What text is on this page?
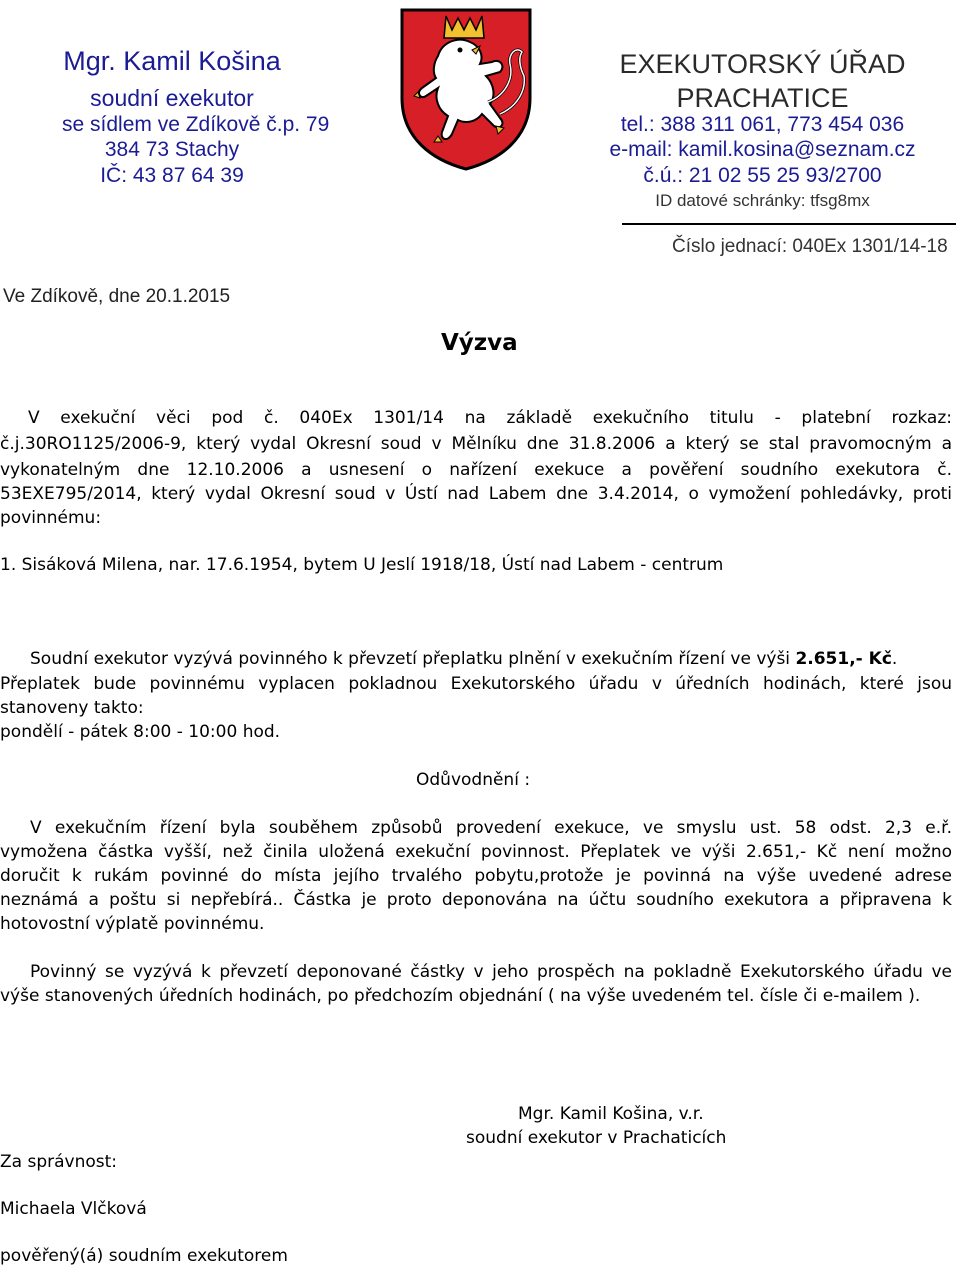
Mgr. Kamil Košina
soudní exekutor
se sídlem ve Zdíkově č.p. 79
384 73 Stachy
IČ: 43 87 64 39
EXEKUTORSKÝ ÚŘAD
PRACHATICE
tel.: 388 311 061, 773 454 036
e-mail: kamil.kosina@seznam.cz
č.ú.: 21 02 55 25 93/2700
ID datové schránky: tfsg8mx
Číslo jednací: 040Ex 1301/14-18
Ve Zdíkově, dne 20.1.2015
Výzva
V exekuční věci pod č. 040Ex 1301/14 na základě exekučního titulu - platební rozkaz:
č.j.30RO1125/2006-9, který vydal Okresní soud v Mělníku dne 31.8.2006 a který se stal pravomocným a
vykonatelným dne 12.10.2006 a usnesení o nařízení exekuce a pověření soudního exekutora č.
53EXE795/2014, který vydal Okresní soud v Ústí nad Labem dne 3.4.2014, o vymožení pohledávky, proti
povinnému:
1. Sisáková Milena, nar. 17.6.1954, bytem U Jeslí 1918/18, Ústí nad Labem - centrum
Soudní exekutor vyzývá povinného k převzetí přeplatku plnění v exekučním řízení ve výši 2.651,- Kč.
Přeplatek bude povinnému vyplacen pokladnou Exekutorského úřadu v úředních hodinách, které jsou
stanoveny takto:
pondělí - pátek 8:00 - 10:00 hod.
Odůvodnění :
V exekučním řízení byla souběhem způsobů provedení exekuce, ve smyslu ust. 58 odst. 2,3 e.ř.
vymožena částka vyšší, než činila uložená exekuční povinnost. Přeplatek ve výši 2.651,- Kč není možno
doručit k rukám povinné do místa jejího trvalého pobytu,protože je povinná na výše uvedené adrese
neznámá a poštu si nepřebírá.. Částka je proto deponována na účtu soudního exekutora a připravena k
hotovostní výplatě povinnému.
Povinný se vyzývá k převzetí deponované částky v jeho prospěch na pokladně Exekutorského úřadu ve
výše stanovených úředních hodinách, po předchozím objednání ( na výše uvedeném tel. čísle či e-mailem ).
Mgr. Kamil Košina, v.r.
soudní exekutor v Prachaticích
Za správnost:
Michaela Vlčková
pověřený(á) soudním exekutorem
